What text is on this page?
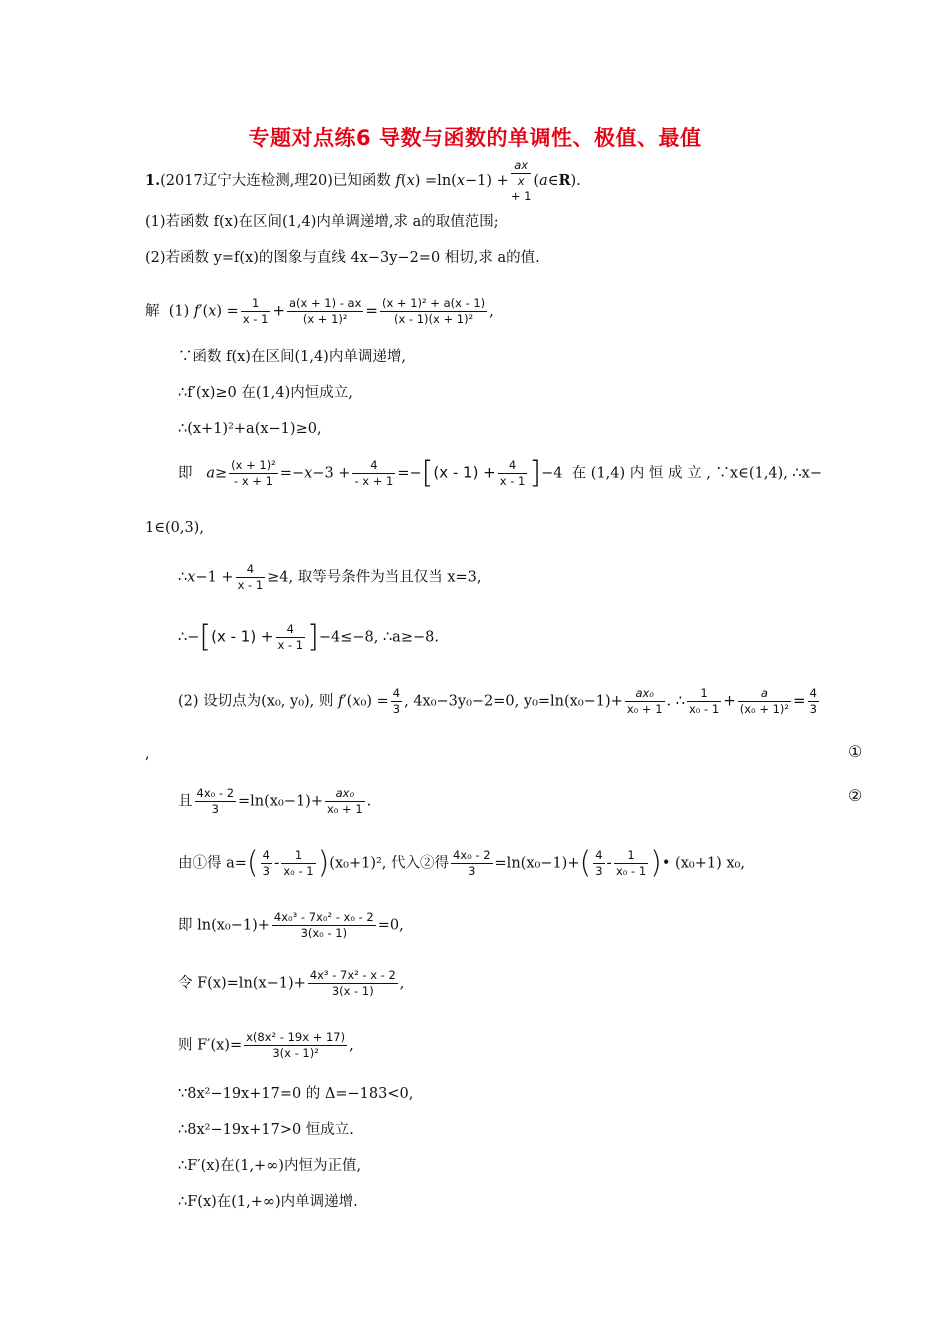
专题对点练6 导数与函数的单调性、极值、最值
1.(2017辽宁大连检测,理20)已知函数 f(x) =ln(x−1) +
ax
x
+ 1(a∈R).
(1)若函数 f(x)在区间(1,4)内单调递增,求 a的取值范围;
(2)若函数 y=f(x)的图象与直线 4x−3y−2=0 相切,求 a的值.
解 (1) $f'(x) = \frac{1}{x - 1} + \frac{a(x + 1) - ax}{\text{(x + 1)²}} = \frac{\text{(x + 1)² + a(x - 1)}}{\text{(x - 1)(x + 1)²}}$ ,
∵函数 f(x)在区间(1,4)内单调递增,
∴f′(x)≥0 在(1,4)内恒成立,
∴(x+1)²+a(x−1)≥0,
即 $a\ge \frac{\text{(x + 1)²}}{- x + 1} =-x-3 + \frac{4}{- x + 1} =-[(x - 1) + \frac{4}{x - 1} ]-4$  在 (1,4) 内 恒 成 立 , ∵x∈(1,4), ∴x−
1∈(0,3),
∴x−1 + $\frac{4}{x - 1} \ge 4$, 取等号条件为当且仅当 x=3,
∴−[(x - $1) + \frac{4}{x - 1} ]-4\le-8$, ∴a≥−8.
(2) 设切点为(x₀, y₀), 则 $f'(x_0) = \frac{4}{3}$ , 4x₀−3y₀−2=0, $y_0=\ln(x_0-1)+ \frac{\text{ax₀}}{\text{x₀ + 1}}$ . ∴ $\frac{1}{\text{x₀ - 1}} + \frac{a}{\text{(x₀ + 1)²}} = \frac{4}{3}$
,	①
且 $\frac{\text{4x₀ - 2}}{3} =\ln(x_0-1)+ \frac{\text{ax₀}}{\text{x₀ + 1}}$ .	②
由①得 $a=( \frac{4}{3} - \frac{1}{\text{x₀ - 1}} )(x_0+1)^2$, 代入②得 $\frac{\text{4x₀ - 2}}{3} =\ln(x_0-1)+( \frac{4}{3} - \frac{1}{\text{x₀ - 1}}$ )• (x₀+1) x₀,
即 $\ln(x_0-1)+ \frac{\text{4x₀³ - 7x₀² - x₀ - 2}}{\text{3(x₀ - 1)}} =0$,
令 $F(x)=\ln(x-1)+ \frac{\text{4x³ - 7x² - x - 2}}{3(x - 1)}$ ,
则 $F'(x)= \frac{\text{x(8x² - 19x + 17)}}{\text{3(x - 1)²}}$ ,
∵8x²−19x+17=0 的 Δ=−183<0,
∴8x²−19x+17>0 恒成立.
∴F′(x)在(1,+∞)内恒为正值,
∴F(x)在(1,+∞)内单调递增.
